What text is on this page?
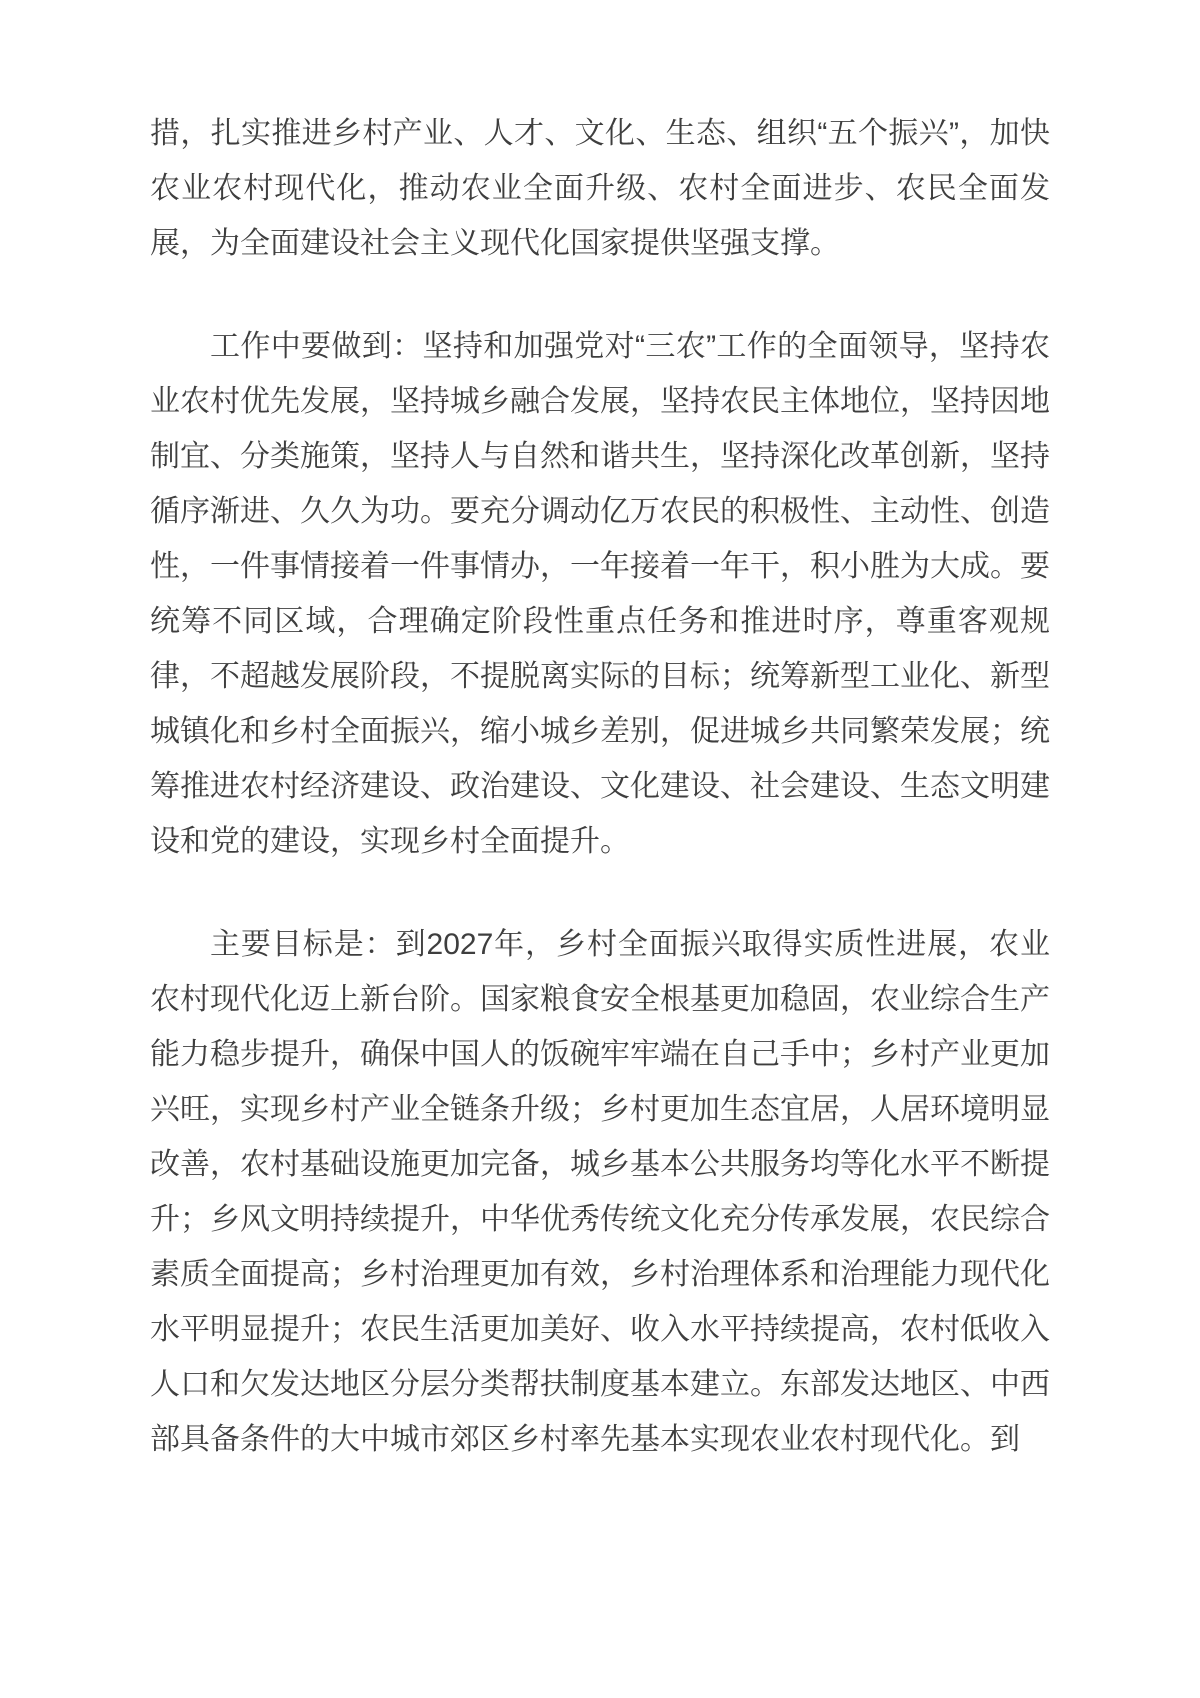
措，扎实推进乡村产业、人才、文化、生态、组织“五个振兴”，加快农业农村现代化，推动农业全面升级、农村全面进步、农民全面发展，为全面建设社会主义现代化国家提供坚强支撑。

工作中要做到：坚持和加强党对“三农”工作的全面领导，坚持农业农村优先发展，坚持城乡融合发展，坚持农民主体地位，坚持因地制宜、分类施策，坚持人与自然和谐共生，坚持深化改革创新，坚持循序渐进、久久为功。要充分调动亿万农民的积极性、主动性、创造性，一件事情接着一件事情办，一年接着一年干，积小胜为大成。要统筹不同区域，合理确定阶段性重点任务和推进时序，尊重客观规律，不超越发展阶段，不提脱离实际的目标；统筹新型工业化、新型城镇化和乡村全面振兴，缩小城乡差别，促进城乡共同繁荣发展；统筹推进农村经济建设、政治建设、文化建设、社会建设、生态文明建设和党的建设，实现乡村全面提升。

主要目标是：到2027年，乡村全面振兴取得实质性进展，农业农村现代化迈上新台阶。国家粮食安全根基更加稳固，农业综合生产能力稳步提升，确保中国人的饭碗牢牢端在自己手中；乡村产业更加兴旺，实现乡村产业全链条升级；乡村更加生态宜居，人居环境明显改善，农村基础设施更加完备，城乡基本公共服务均等化水平不断提升；乡风文明持续提升，中华优秀传统文化充分传承发展，农民综合素质全面提高；乡村治理更加有效，乡村治理体系和治理能力现代化水平明显提升；农民生活更加美好、收入水平持续提高，农村低收入人口和欠发达地区分层分类帮扶制度基本建立。东部发达地区、中西部具备条件的大中城市郊区乡村率先基本实现农业农村现代化。到
